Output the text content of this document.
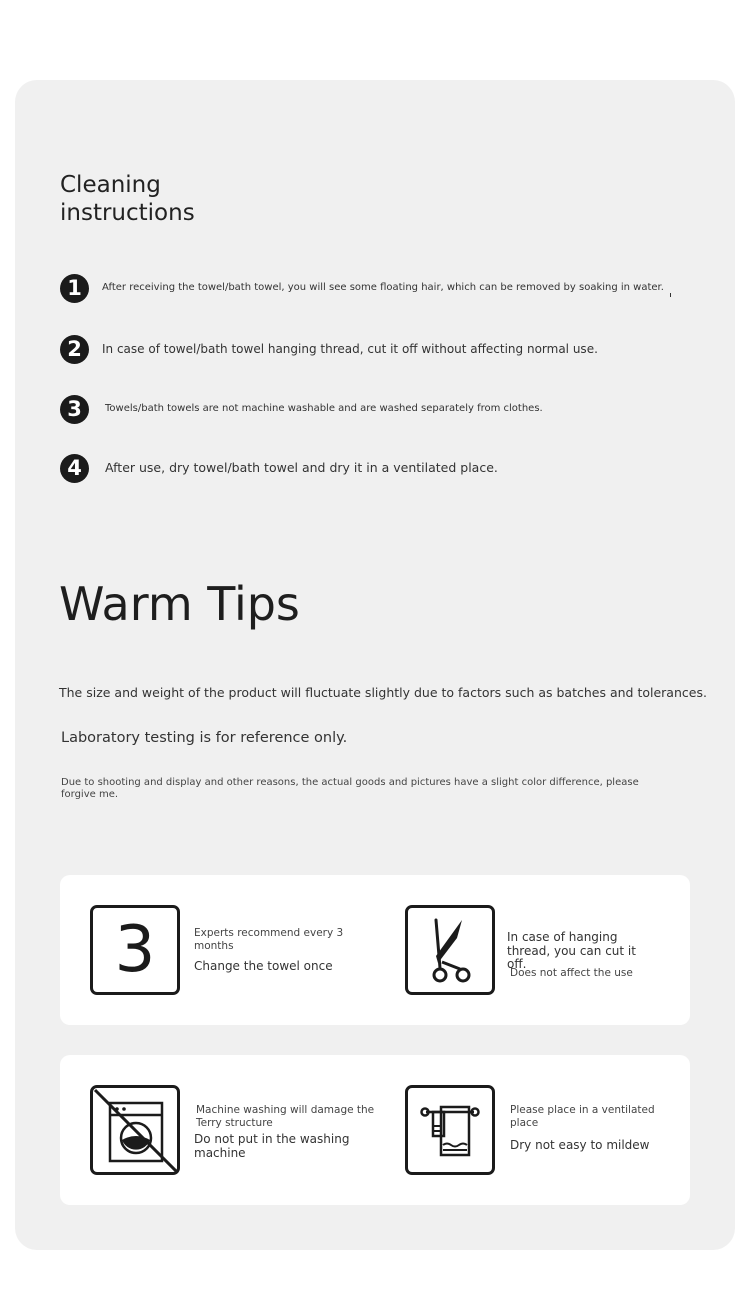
Cleaning instructions
1	After receiving the towel/bath towel, you will see some floating hair, which can be removed by soaking in water.
2	In case of towel/bath towel hanging thread, cut it off without affecting normal use.
3	Towels/bath towels are not machine washable and are washed separately from clothes.
4	After use, dry towel/bath towel and dry it in a ventilated place.
Warm Tips
The size and weight of the product will fluctuate slightly due to factors such as batches and tolerances.
Laboratory testing is for reference only.
Due to shooting and display and other reasons, the actual goods and pictures have a slight color difference, please forgive me.
3	Experts recommend every 3 months
Change the towel once
In case of hanging thread, you can cut it off.
Does not affect the use
Machine washing will damage the Terry structure
Do not put in the washing machine
Please place in a ventilated place
Dry not easy to mildew
